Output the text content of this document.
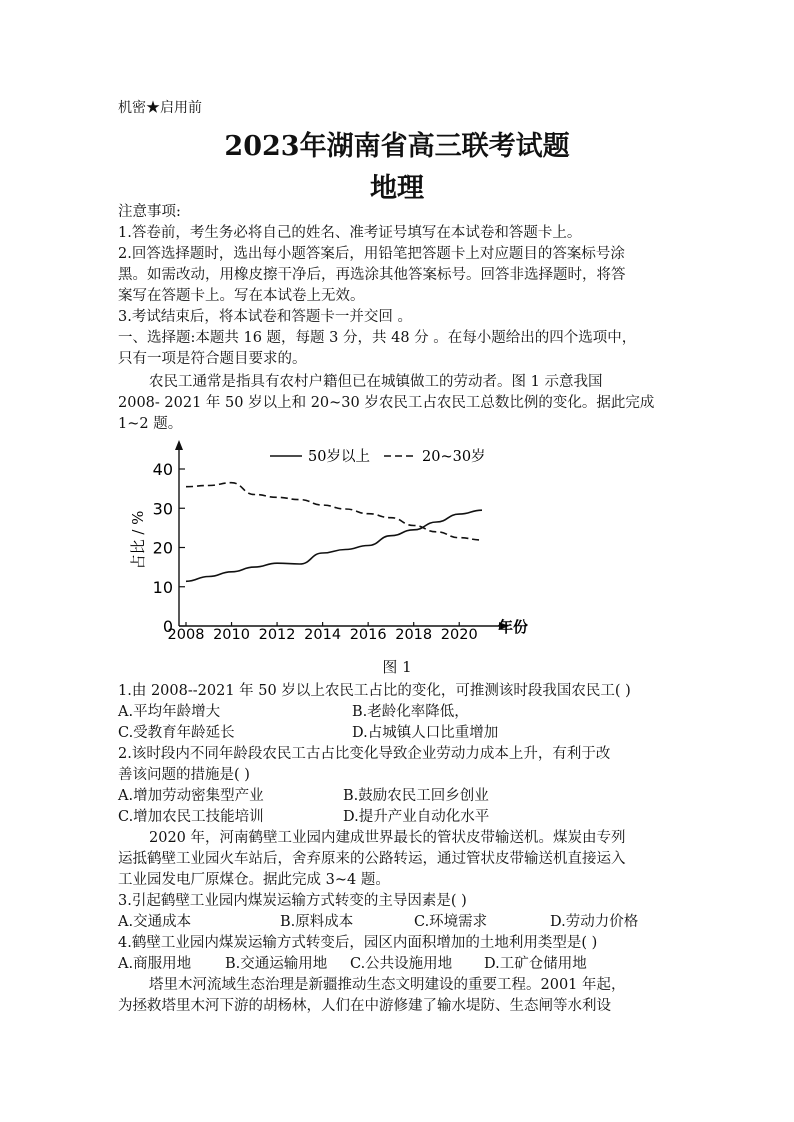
机密★启用前
2023年湖南省高三联考试题
地理
注意事项:
1.答卷前，考生务必将自己的姓名、准考证号填写在本试卷和答题卡上。
2.回答选择题时，选出每小题答案后，用铅笔把答题卡上对应题目的答案标号涂
黑。如需改动，用橡皮擦干净后，再选涂其他答案标号。回答非选择题时，将答
案写在答题卡上。写在本试卷上无效。
3.考试结束后，将本试卷和答题卡一并交回 。
一、选择题:本题共 16 题，每题 3 分，共 48 分 。在每小题给出的四个选项中，
只有一项是符合题目要求的。
农民工通常是指具有农村户籍但已在城镇做工的劳动者。图 1 示意我国
2008- 2021 年 50 岁以上和 20~30 岁农民工占农民工总数比例的变化。据此完成
1~2 题。
0
10
20
30
40
2008 2010 2012 2014 2016 2018 2020
占比 / %
年份
50岁以上	20~30岁
图 1
1.由 2008--2021 年 50 岁以上农民工占比的变化，可推测该时段我国农民工( )
A.平均年龄增大	B.老龄化率降低，
C.受教育年龄延长	D.占城镇人口比重增加
2.该时段内不同年龄段农民工古占比变化导致企业劳动力成本上升，有利于改
善该问题的措施是( )
A.增加劳动密集型产业	B.鼓励农民工回乡创业
C.增加农民工技能培训	D.提升产业自动化水平
2020 年，河南鹤壁工业园内建成世界最长的管状皮带输送机。煤炭由专列
运抵鹤壁工业园火车站后，舍弃原来的公路转运，通过管状皮带输送机直接运入
工业园发电厂原煤仓。据此完成 3~4 题。
3.引起鹤壁工业园内煤炭运输方式转变的主导因素是( )
A.交通成本	B.原料成本	C.环境需求	D.劳动力价格
4.鹤壁工业园内煤炭运输方式转变后，园区内面积增加的土地利用类型是( )
A.商服用地 B.交通运输用地 C.公共设施用地 D.工矿仓储用地
塔里木河流域生态治理是新疆推动生态文明建设的重要工程。2001 年起，
为拯救塔里木河下游的胡杨林，人们在中游修建了输水堤防、生态闸等水利设
